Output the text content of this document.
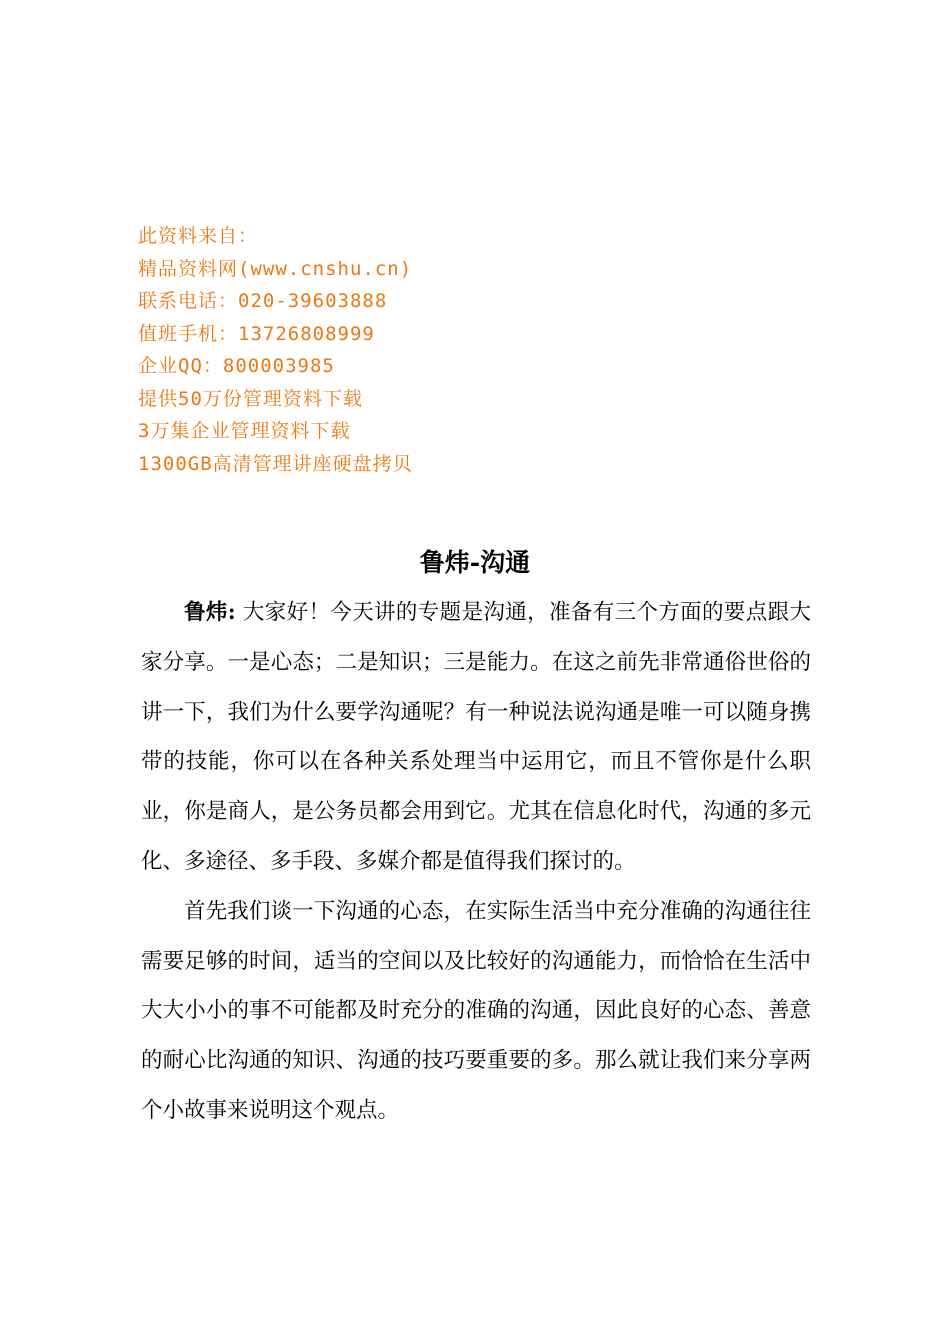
此资料来自：
精品资料网(www.cnshu.cn)
联系电话：020-39603888
值班手机：13726808999
企业QQ：800003985
提供50万份管理资料下载
3万集企业管理资料下载
1300GB高清管理讲座硬盘拷贝
鲁炜-沟通

鲁炜: 大家好！今天讲的专题是沟通，准备有三个方面的要点跟大家分享。一是心态；二是知识；三是能力。在这之前先非常通俗世俗的讲一下，我们为什么要学沟通呢？有一种说法说沟通是唯一可以随身携带的技能，你可以在各种关系处理当中运用它，而且不管你是什么职业，你是商人，是公务员都会用到它。尤其在信息化时代，沟通的多元化、多途径、多手段、多媒介都是值得我们探讨的。

首先我们谈一下沟通的心态，在实际生活当中充分准确的沟通往往需要足够的时间，适当的空间以及比较好的沟通能力，而恰恰在生活中大大小小的事不可能都及时充分的准确的沟通，因此良好的心态、善意的耐心比沟通的知识、沟通的技巧要重要的多。那么就让我们来分享两个小故事来说明这个观点。
